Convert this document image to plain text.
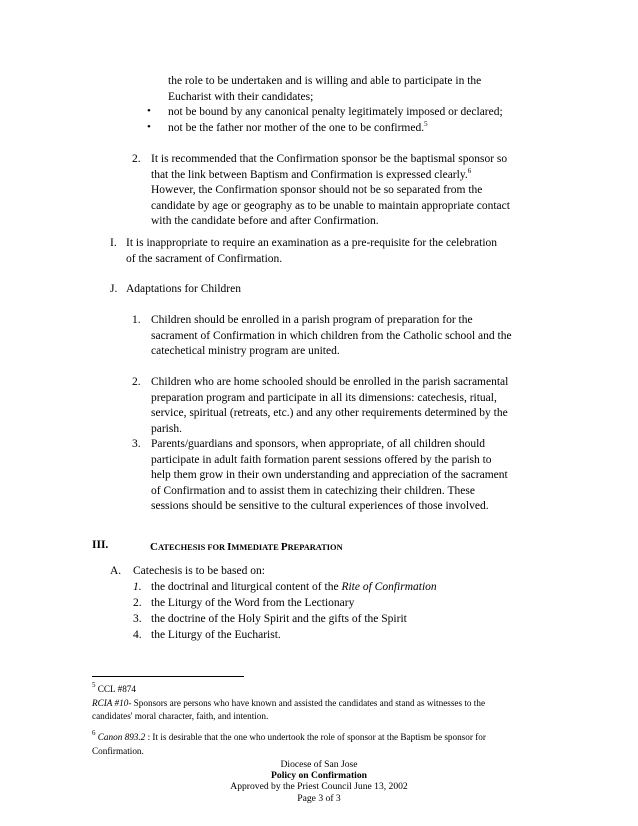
the role to be undertaken and is willing and able to participate in the
Eucharist with their candidates;
• not be bound by any canonical penalty legitimately imposed or declared;
• not be the father nor mother of the one to be confirmed.$^5$
2. It is recommended that the Confirmation sponsor be the baptismal sponsor so
that the link between Baptism and Confirmation is expressed clearly.$^6$
However, the Confirmation sponsor should not be so separated from the
candidate by age or geography as to be unable to maintain appropriate contact
with the candidate before and after Confirmation.
I. It is inappropriate to require an examination as a pre-requisite for the celebration
of the sacrament of Confirmation.
J. Adaptations for Children
1. Children should be enrolled in a parish program of preparation for the
sacrament of Confirmation in which children from the Catholic school and the
catechetical ministry program are united.
2. Children who are home schooled should be enrolled in the parish sacramental
preparation program and participate in all its dimensions: catechesis, ritual,
service, spiritual (retreats, etc.) and any other requirements determined by the
parish.
3. Parents/guardians and sponsors, when appropriate, of all children should
participate in adult faith formation parent sessions offered by the parish to
help them grow in their own understanding and appreciation of the sacrament
of Confirmation and to assist them in catechizing their children. These
sessions should be sensitive to the cultural experiences of those involved.
III.	CATECHESIS FOR IMMEDIATE PREPARATION
A. Catechesis is to be based on:
1. the doctrinal and liturgical content of the Rite of Confirmation
2. the Liturgy of the Word from the Lectionary
3. the doctrine of the Holy Spirit and the gifts of the Spirit
4. the Liturgy of the Eucharist.
$^5$ CCL #874
RCIA #10- Sponsors are persons who have known and assisted the candidates and stand as witnesses to the
candidates' moral character, faith, and intention.
$^6$ Canon 893.2 : It is desirable that the one who undertook the role of sponsor at the Baptism be sponsor for
Confirmation.
Diocese of San Jose
Policy on Confirmation
Approved by the Priest Council June 13, 2002
Page 3 of 3
